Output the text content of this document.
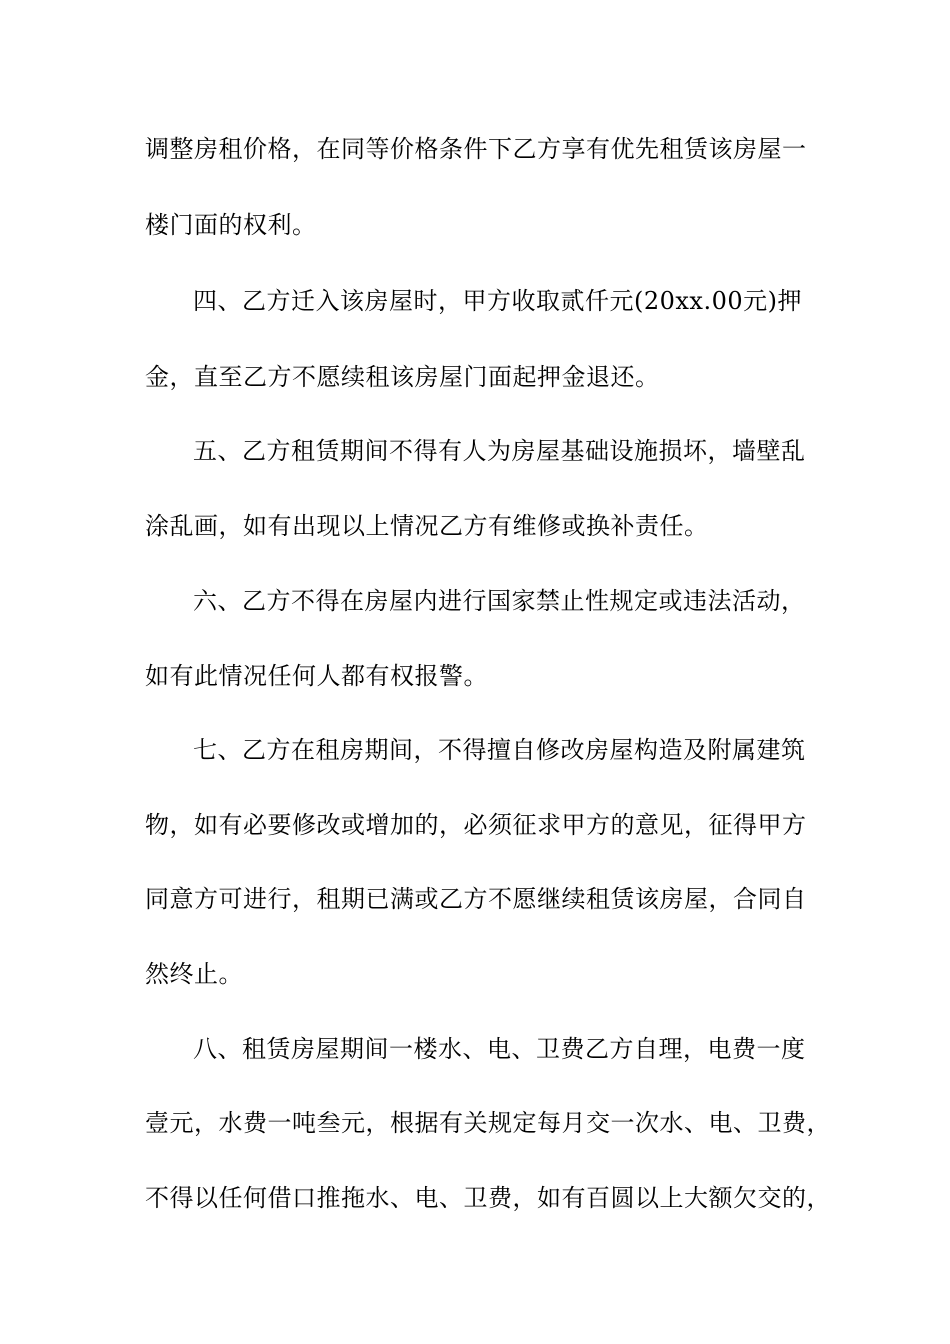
调整房租价格，在同等价格条件下乙方享有优先租赁该房屋一
楼门面的权利。
四、乙方迁入该房屋时，甲方收取贰仟元(20xx.00元)押
金，直至乙方不愿续租该房屋门面起押金退还。
五、乙方租赁期间不得有人为房屋基础设施损坏，墙壁乱
涂乱画，如有出现以上情况乙方有维修或换补责任。
六、乙方不得在房屋内进行国家禁止性规定或违法活动，
如有此情况任何人都有权报警。
七、乙方在租房期间，不得擅自修改房屋构造及附属建筑
物，如有必要修改或增加的，必须征求甲方的意见，征得甲方
同意方可进行，租期已满或乙方不愿继续租赁该房屋，合同自
然终止。
八、租赁房屋期间一楼水、电、卫费乙方自理，电费一度
壹元，水费一吨叁元，根据有关规定每月交一次水、电、卫费，
不得以任何借口推拖水、电、卫费，如有百圆以上大额欠交的，
